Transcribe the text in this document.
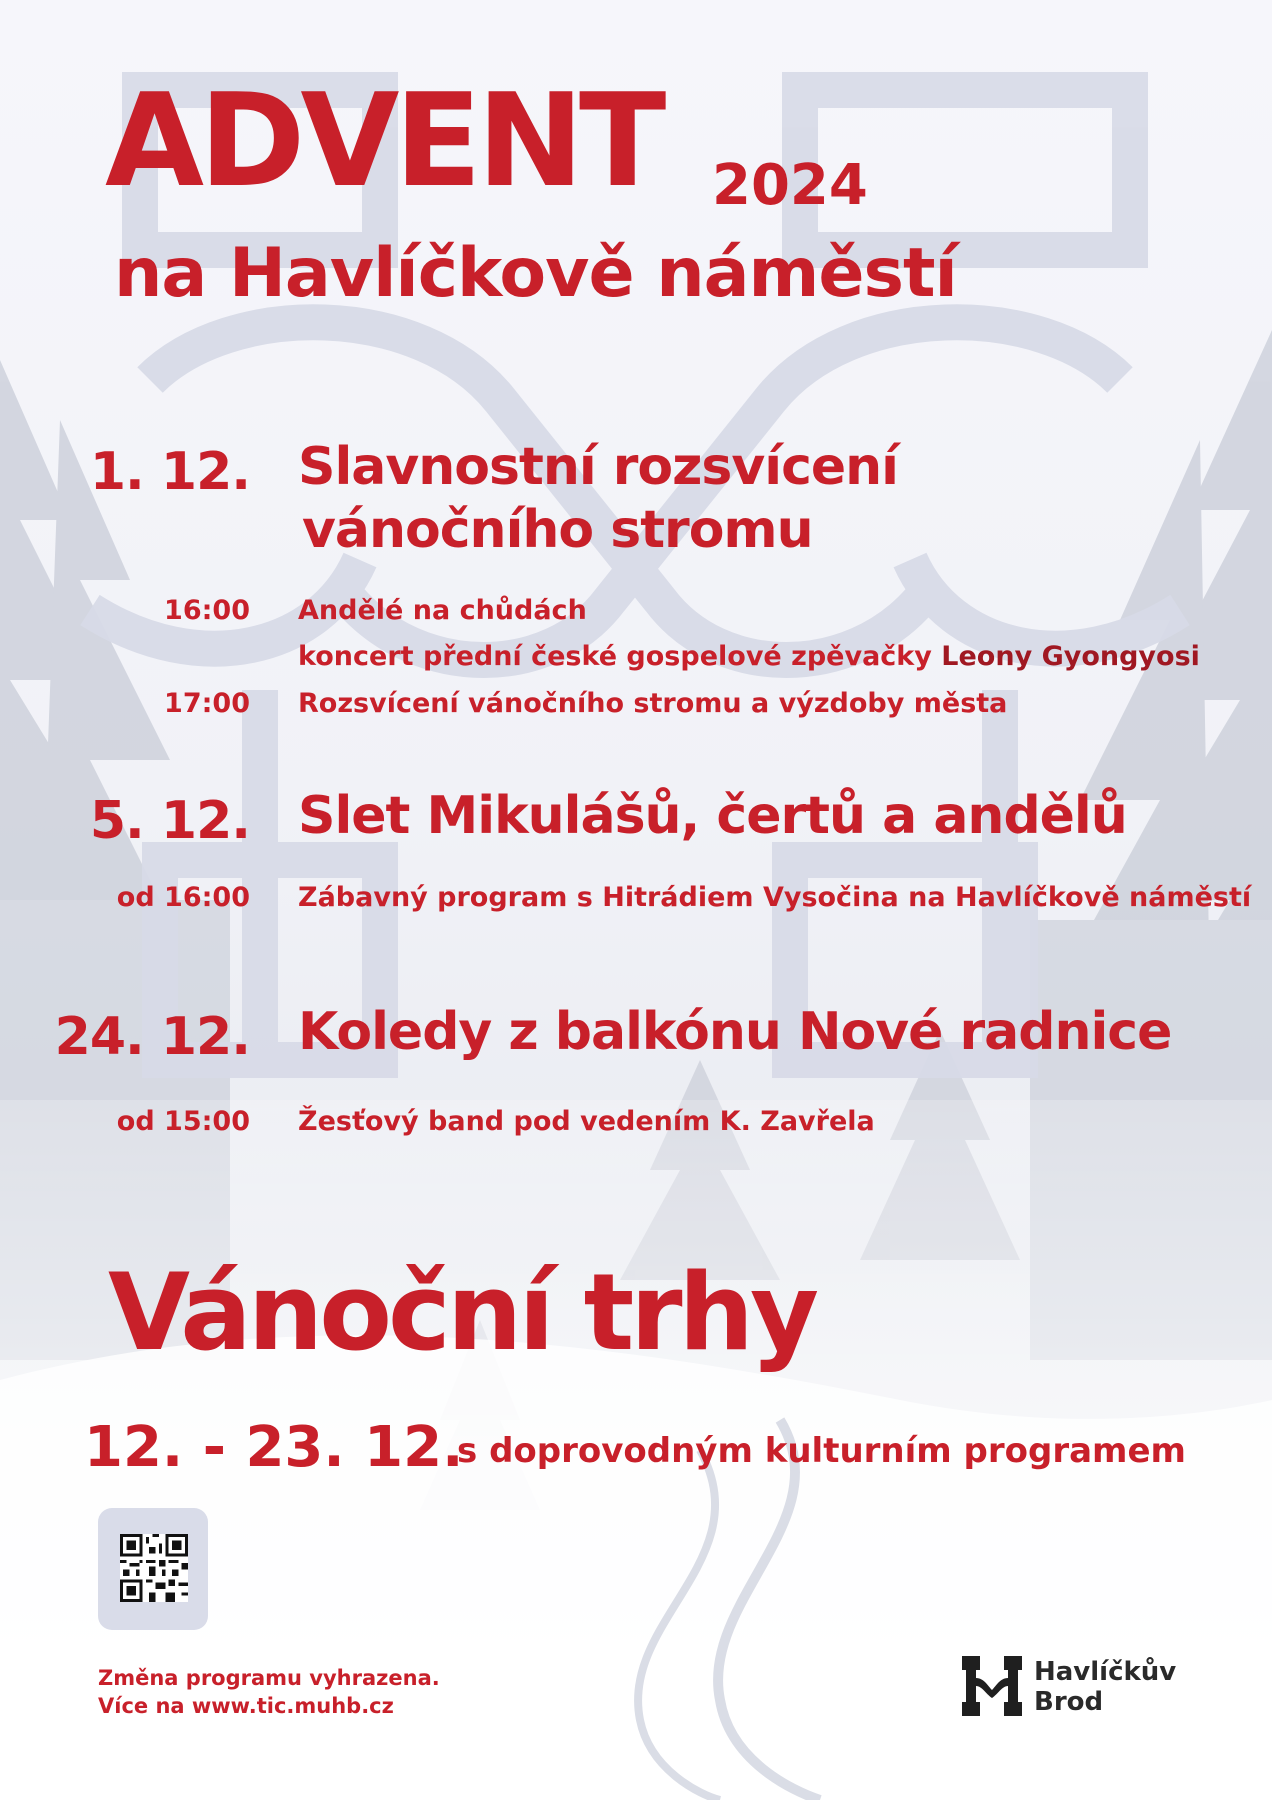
ADVENT 2024
na Havlíčkově náměstí
1. 12. Slavnostní rozsvícení
vánočního stromu
16:00 Andělé na chůdách
koncert přední české gospelové zpěvačky Leony Gyongyosi
17:00 Rozsvícení vánočního stromu a výzdoby města
5. 12. Slet Mikulášů, čertů a andělů
od 16:00 Zábavný program s Hitrádiem Vysočina na Havlíčkově náměstí
24. 12. Koledy z balkónu Nové radnice
od 15:00 Žesťový band pod vedením K. Zavřela
Vánoční trhy
12. - 23. 12.
s doprovodným kulturním programem
Změna programu vyhrazena.
Více na www.tic.muhb.cz
Havlíčkův
Brod
